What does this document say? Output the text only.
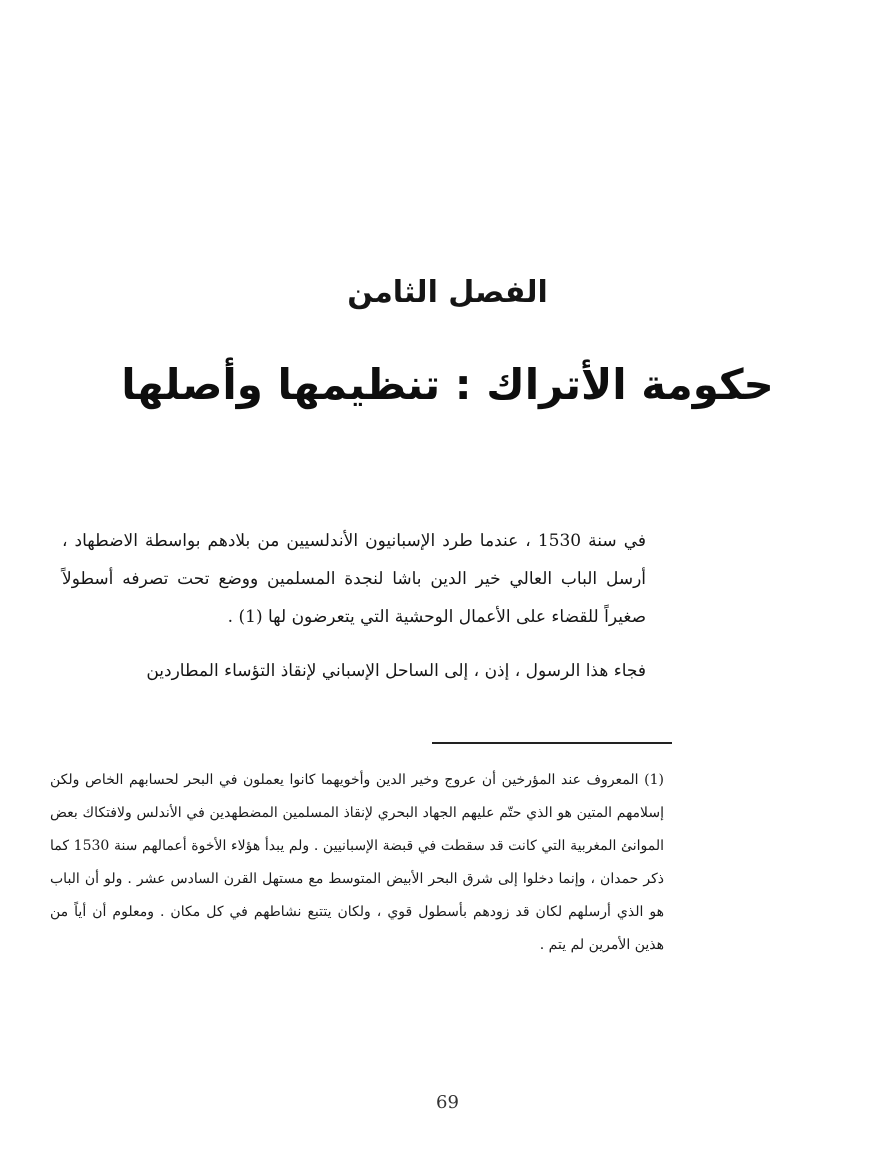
الفصل الثامن
حكومة الأتراك : تنظيمها وأصلها

في سنة 1530 ، عندما طرد الإسبانيون الأندلسيين من بلادهم بواسطة الاضطهاد ، أرسل الباب العالي خير الدين باشا لنجدة المسلمين ووضع تحت تصرفه أسطولاً صغيراً للقضاء على الأعمال الوحشية التي يتعرضون لها (1) .

فجاء هذا الرسول ، إذن ، إلى الساحل الإسباني لإنقاذ التؤساء المطاردين

(1) المعروف عند المؤرخين أن عروج وخير الدين وأخويهما كانوا يعملون في البحر لحسابهم الخاص ولكن إسلامهم المتين هو الذي حتّم عليهم الجهاد البحري لإنقاذ المسلمين المضطهدين في الأندلس ولافتكاك بعض الموانئ المغربية التي كانت قد سقطت في قبضة الإسبانيين . ولم يبدأ هؤلاء الأخوة أعمالهم سنة 1530 كما ذكر حمدان ، وإنما دخلوا إلى شرق البحر الأبيض المتوسط مع مستهل القرن السادس عشر . ولو أن الباب هو الذي أرسلهم لكان قد زودهم بأسطول قوي ، ولكان يتتبع نشاطهم في كل مكان . ومعلوم أن أياً من هذين الأمرين لم يتم .
69
